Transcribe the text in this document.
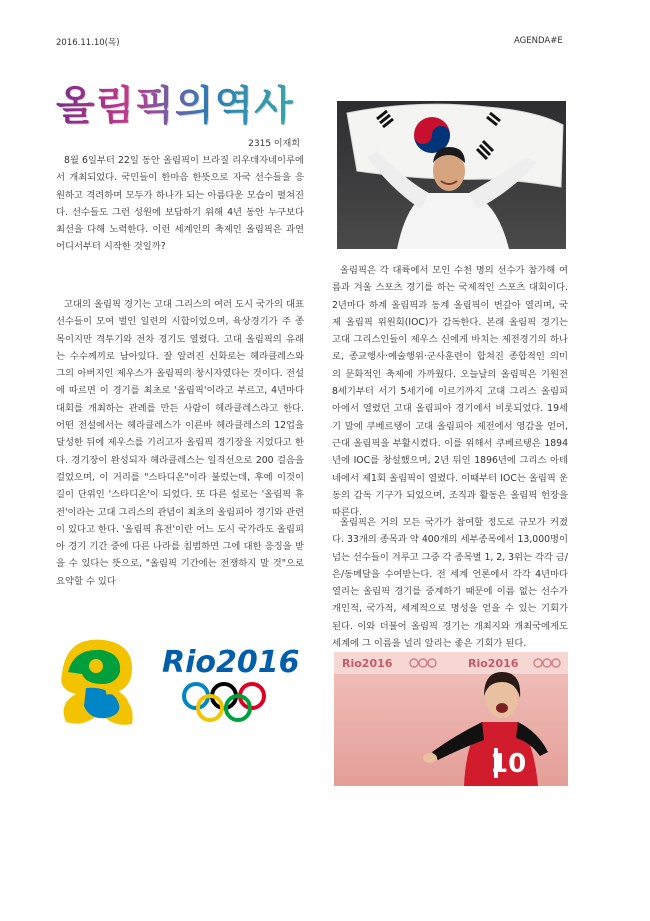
2016.11.10(목)	AGENDA#E
올림픽의역사
2315 이재희
8월 6일부터 22일 동안 올림픽이 브라질 리우데자네이루에서 개최되었다. 국민들이 한마음 한뜻으로 자국 선수들을 응원하고 격려하며 모두가 하나가 되는 아름다운 모습이 펼쳐진다. 선수들도 그런 성원에 보답하기 위해 4년 동안 누구보다 최선을 다해 노력한다. 이런 세계인의 축제인 올림픽은 과연 어디서부터 시작한 것일까?
고대의 올림픽 경기는 고대 그리스의 여러 도시 국가의 대표선수들이 모여 벌인 일련의 시합이었으며, 육상경기가 주 종목이지만 격투기와 전차 경기도 열렸다. 고대 올림픽의 유래는 수수께끼로 남아있다. 잘 알려진 신화로는 헤라클레스와 그의 아버지인 제우스가 올림픽의 창시자였다는 것이다. 전설에 따르면 이 경기를 최초로 '올림픽'이라고 부르고, 4년마다 대회를 개최하는 관례를 만든 사람이 헤라클레스라고 한다. 어떤 전설에서는 헤라클레스가 이른바 헤라클레스의 12업을 달성한 뒤에 제우스를 기리고자 올림픽 경기장을 지었다고 한다. 경기장이 완성되자 헤라클레스는 일직선으로 200 걸음을 걸었으며, 이 거리를 "스타디온"이라 불렀는데, 후에 이것이 길이 단위인 '스타디온'이 되었다. 또 다른 설로는 '올림픽 휴전'이라는 고대 그리스의 관념이 최초의 올림피아 경기와 관련이 있다고 한다. '올림픽 휴전'이란 어느 도시 국가라도 올림피아 경기 기간 중에 다른 나라를 침범하면 그에 대한 응징을 받을 수 있다는 뜻으로, "올림픽 기간에는 전쟁하지 말 것"으로 요약할 수 있다
올림픽은 각 대륙에서 모인 수천 명의 선수가 참가해 여름과 겨울 스포츠 경기를 하는 국제적인 스포츠 대회이다. 2년마다 하계 올림픽과 동계 올림픽이 번갈아 열리며, 국제 올림픽 위원회(IOC)가 감독한다. 본래 올림픽 경기는 고대 그리스인들이 제우스 신에게 바치는 제전경기의 하나로, 종교행사·예술행위·군사훈련이 합쳐진 종합적인 의미의 문화적인 축제에 가까웠다. 오늘날의 올림픽은 기원전 8세기부터 서기 5세기에 이르기까지 고대 그리스 올림피아에서 열렸던 고대 올림피아 경기에서 비롯되었다. 19세기 말에 쿠베르탱이 고대 올림피아 제전에서 영감을 얻어, 근대 올림픽을 부활시켰다. 이를 위해서 쿠베르탱은 1894년에 IOC를 창설했으며, 2년 뒤인 1896년에 그리스 아테네에서 제1회 올림픽이 열렸다. 이때부터 IOC는 올림픽 운동의 감독 기구가 되었으며, 조직과 활동은 올림픽 헌장을 따른다.
올림픽은 거의 모든 국가가 참여할 정도로 규모가 커졌다. 33개의 종목과 약 400개의 세부종목에서 13,000명이 넘는 선수들이 겨루고 그중 각 종목별 1, 2, 3위는 각각 금/은/동메달을 수여받는다. 전 세계 언론에서 각각 4년마다 열리는 올림픽 경기를 중계하기 때문에 이름 없는 선수가 개인적, 국가적, 세계적으로 명성을 얻을 수 있는 기회가 된다. 이와 더불어 올림픽 경기는 개최지와 개최국에게도 세계에 그 이름을 널리 알리는 좋은 기회가 된다.
Rio2016	Rio2016	Rio2016
10
